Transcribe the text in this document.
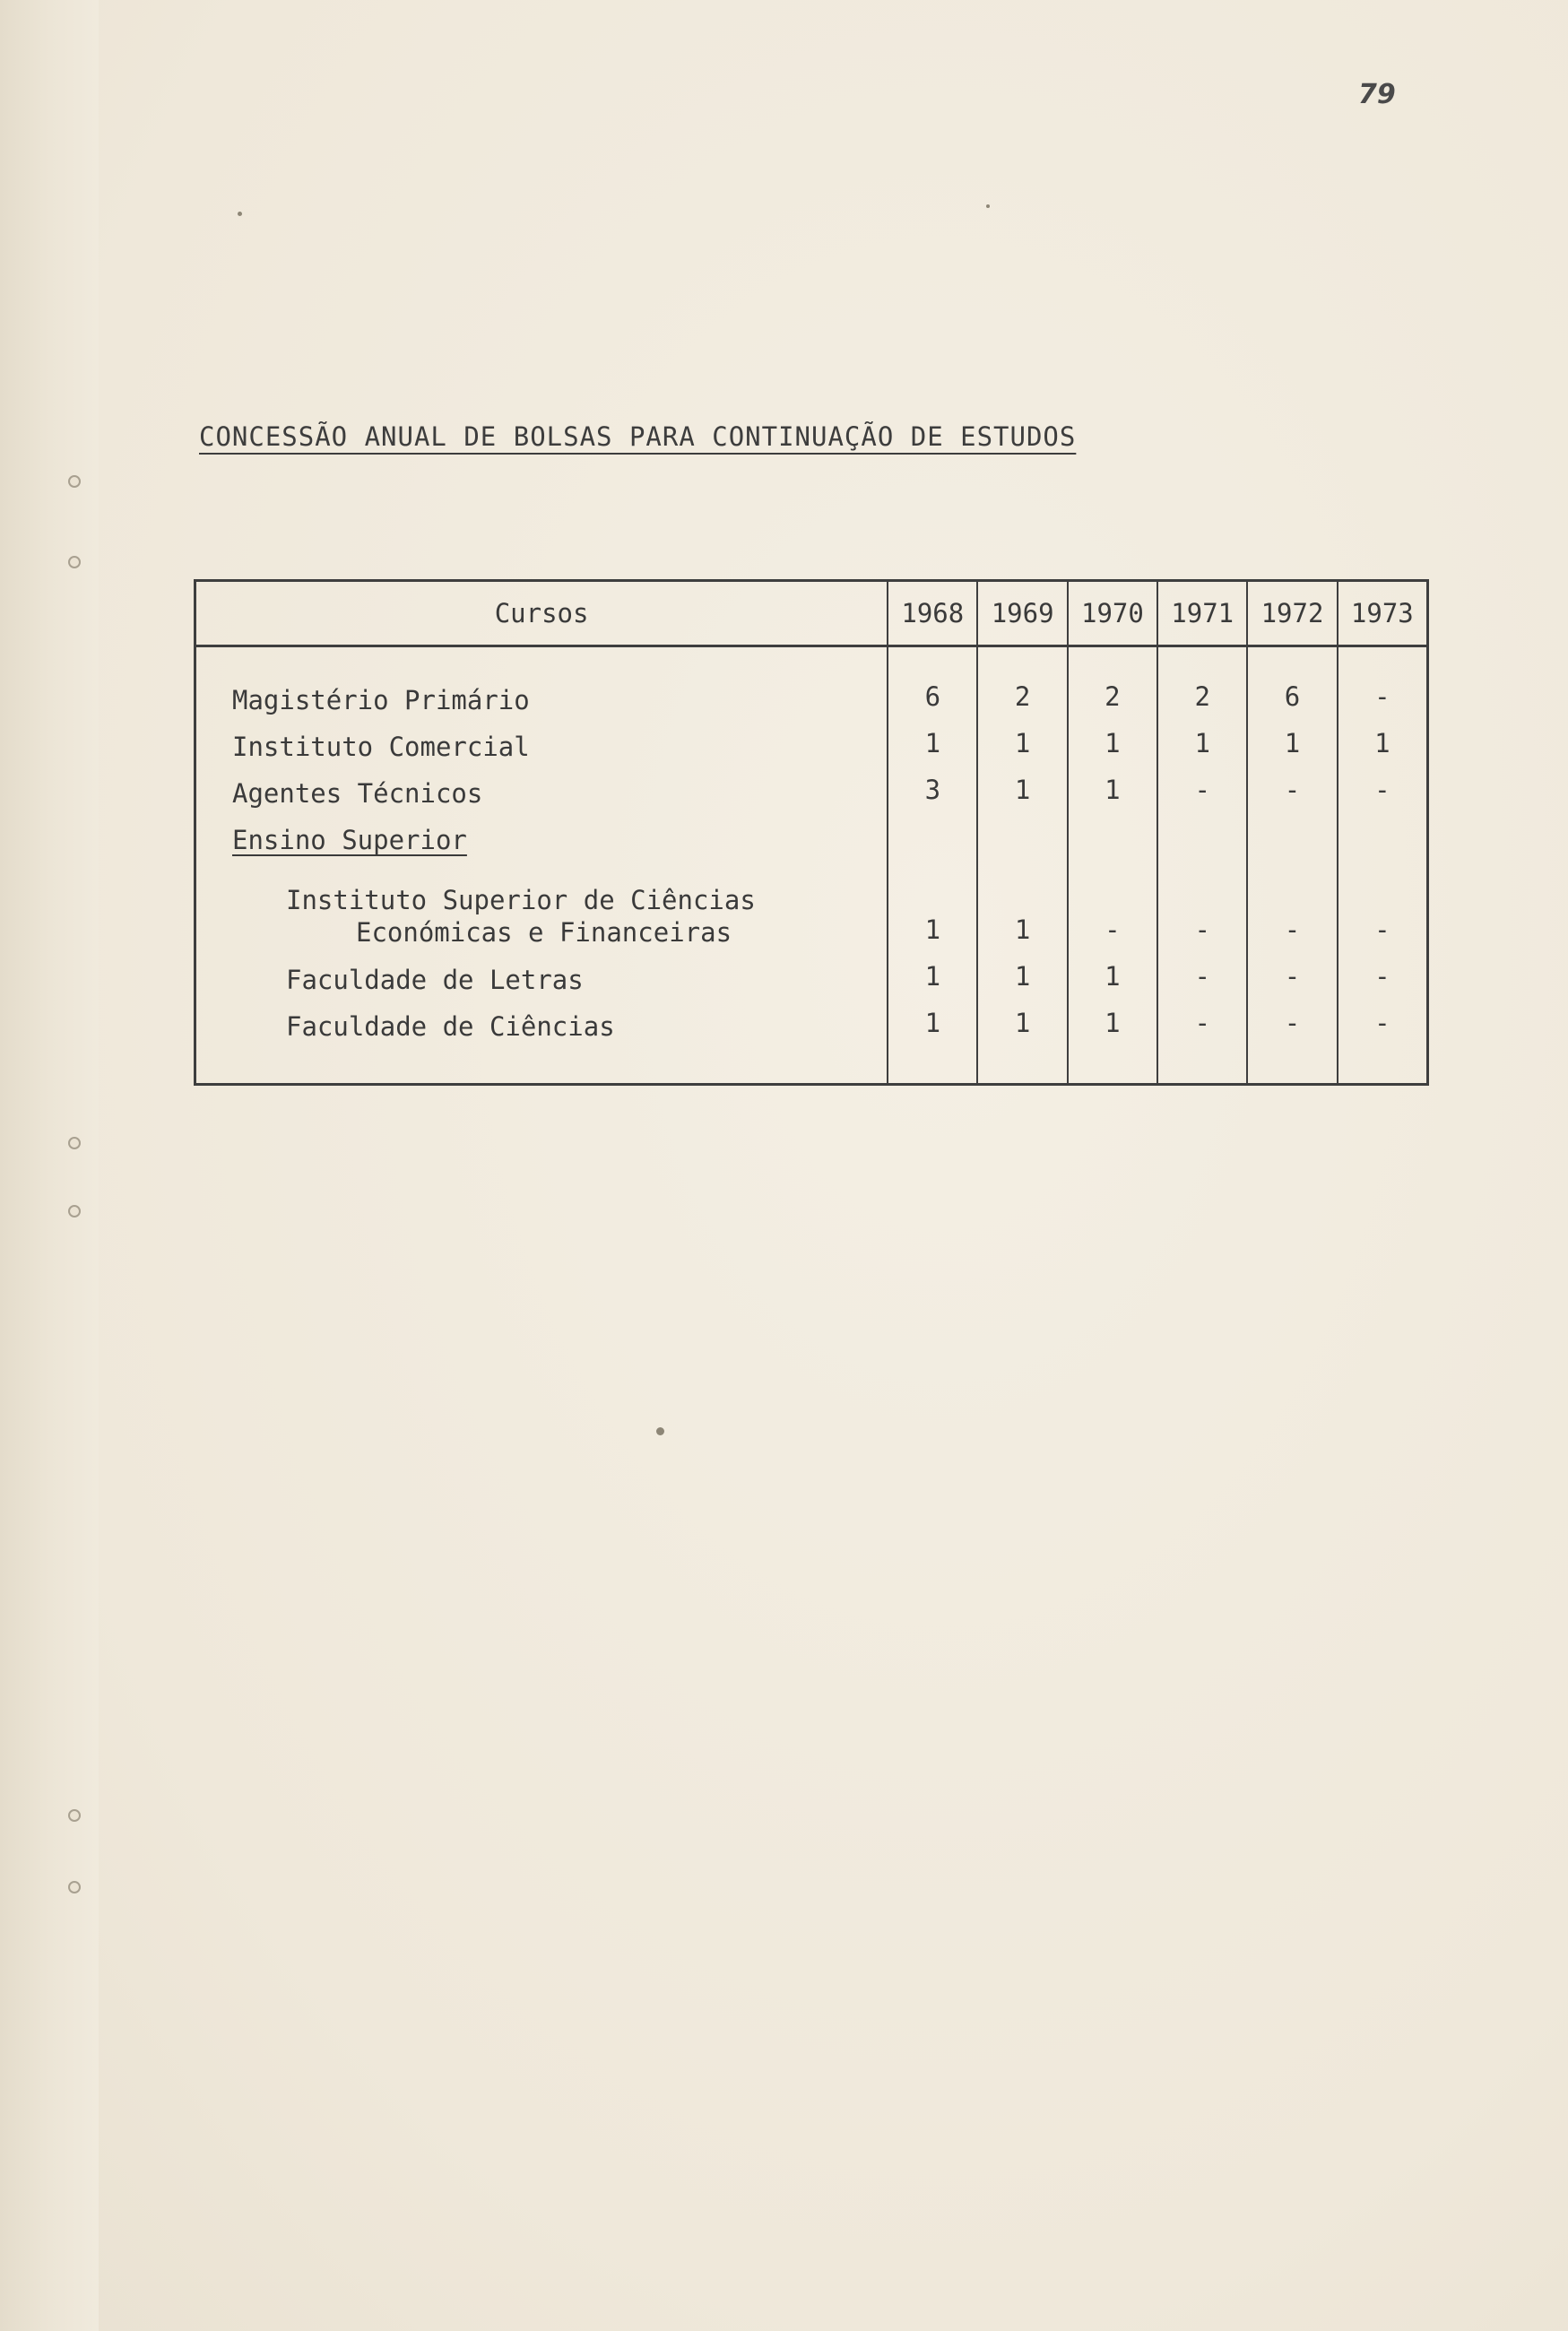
79
CONCESSÃO ANUAL DE BOLSAS PARA CONTINUAÇÃO DE ESTUDOS
Cursos	1968	1969	1970	1971	1972	1973

Magistério Primário	6	2	2	2	6	-
Instituto Comercial	1	1	1	1	1	1
Agentes Técnicos	3	1	1	-	-	-
Ensino Superior						
Instituto Superior de Ciências
Económicas e Financeiras	1	1	-	-	-	-
Faculdade de Letras	1	1	1	-	-	-
Faculdade de Ciências	1	1	1	-	-	-
